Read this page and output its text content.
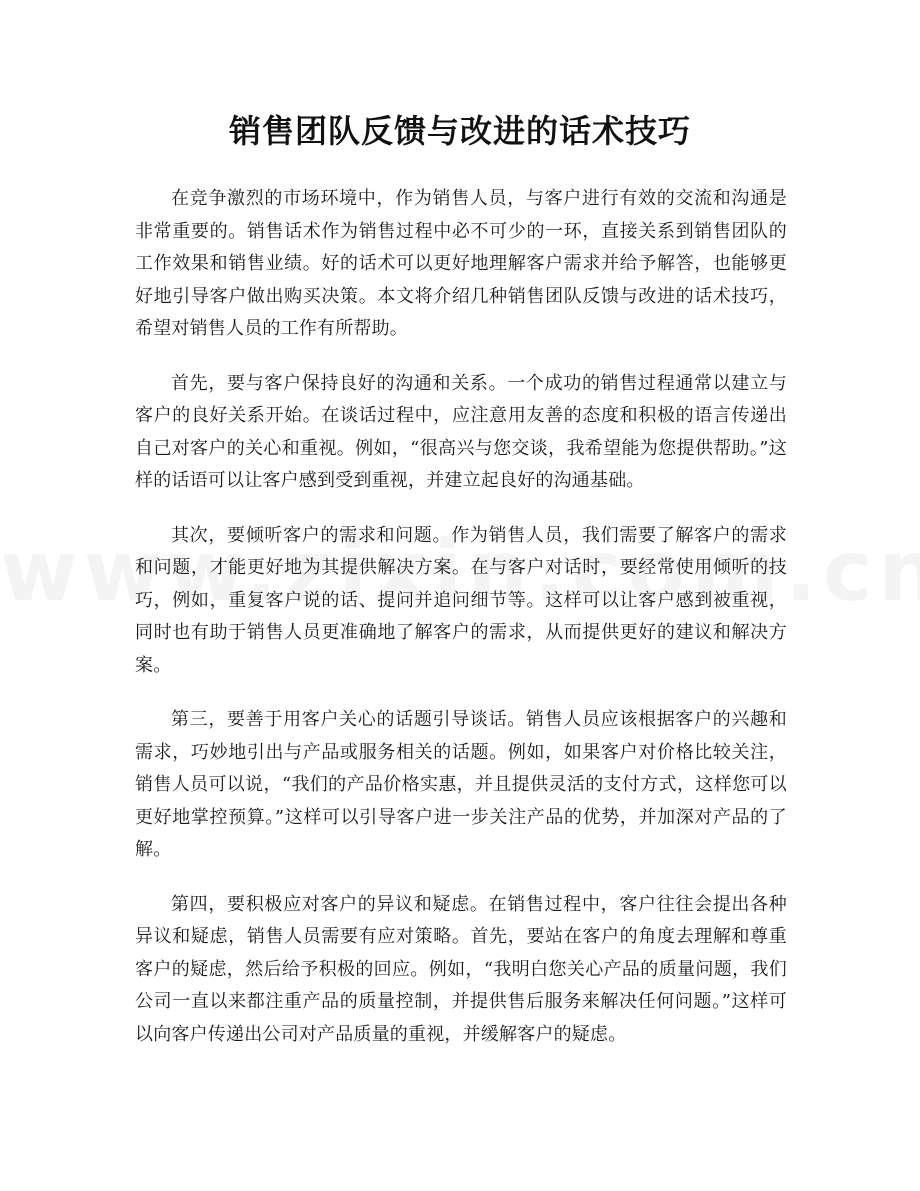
销售团队反馈与改进的话术技巧

在竞争激烈的市场环境中，作为销售人员，与客户进行有效的交流和沟通是非常重要的。销售话术作为销售过程中必不可少的一环，直接关系到销售团队的工作效果和销售业绩。好的话术可以更好地理解客户需求并给予解答，也能够更好地引导客户做出购买决策。本文将介绍几种销售团队反馈与改进的话术技巧，希望对销售人员的工作有所帮助。

首先，要与客户保持良好的沟通和关系。一个成功的销售过程通常以建立与客户的良好关系开始。在谈话过程中，应注意用友善的态度和积极的语言传递出自己对客户的关心和重视。例如，“很高兴与您交谈，我希望能为您提供帮助。”这样的话语可以让客户感到受到重视，并建立起良好的沟通基础。

其次，要倾听客户的需求和问题。作为销售人员，我们需要了解客户的需求和问题，才能更好地为其提供解决方案。在与客户对话时，要经常使用倾听的技巧，例如，重复客户说的话、提问并追问细节等。这样可以让客户感到被重视，同时也有助于销售人员更准确地了解客户的需求，从而提供更好的建议和解决方案。

第三，要善于用客户关心的话题引导谈话。销售人员应该根据客户的兴趣和需求，巧妙地引出与产品或服务相关的话题。例如，如果客户对价格比较关注，销售人员可以说，“我们的产品价格实惠，并且提供灵活的支付方式，这样您可以更好地掌控预算。”这样可以引导客户进一步关注产品的优势，并加深对产品的了解。

第四，要积极应对客户的异议和疑虑。在销售过程中，客户往往会提出各种异议和疑虑，销售人员需要有应对策略。首先，要站在客户的角度去理解和尊重客户的疑虑，然后给予积极的回应。例如，“我明白您关心产品的质量问题，我们公司一直以来都注重产品的质量控制，并提供售后服务来解决任何问题。”这样可以向客户传递出公司对产品质量的重视，并缓解客户的疑虑。
